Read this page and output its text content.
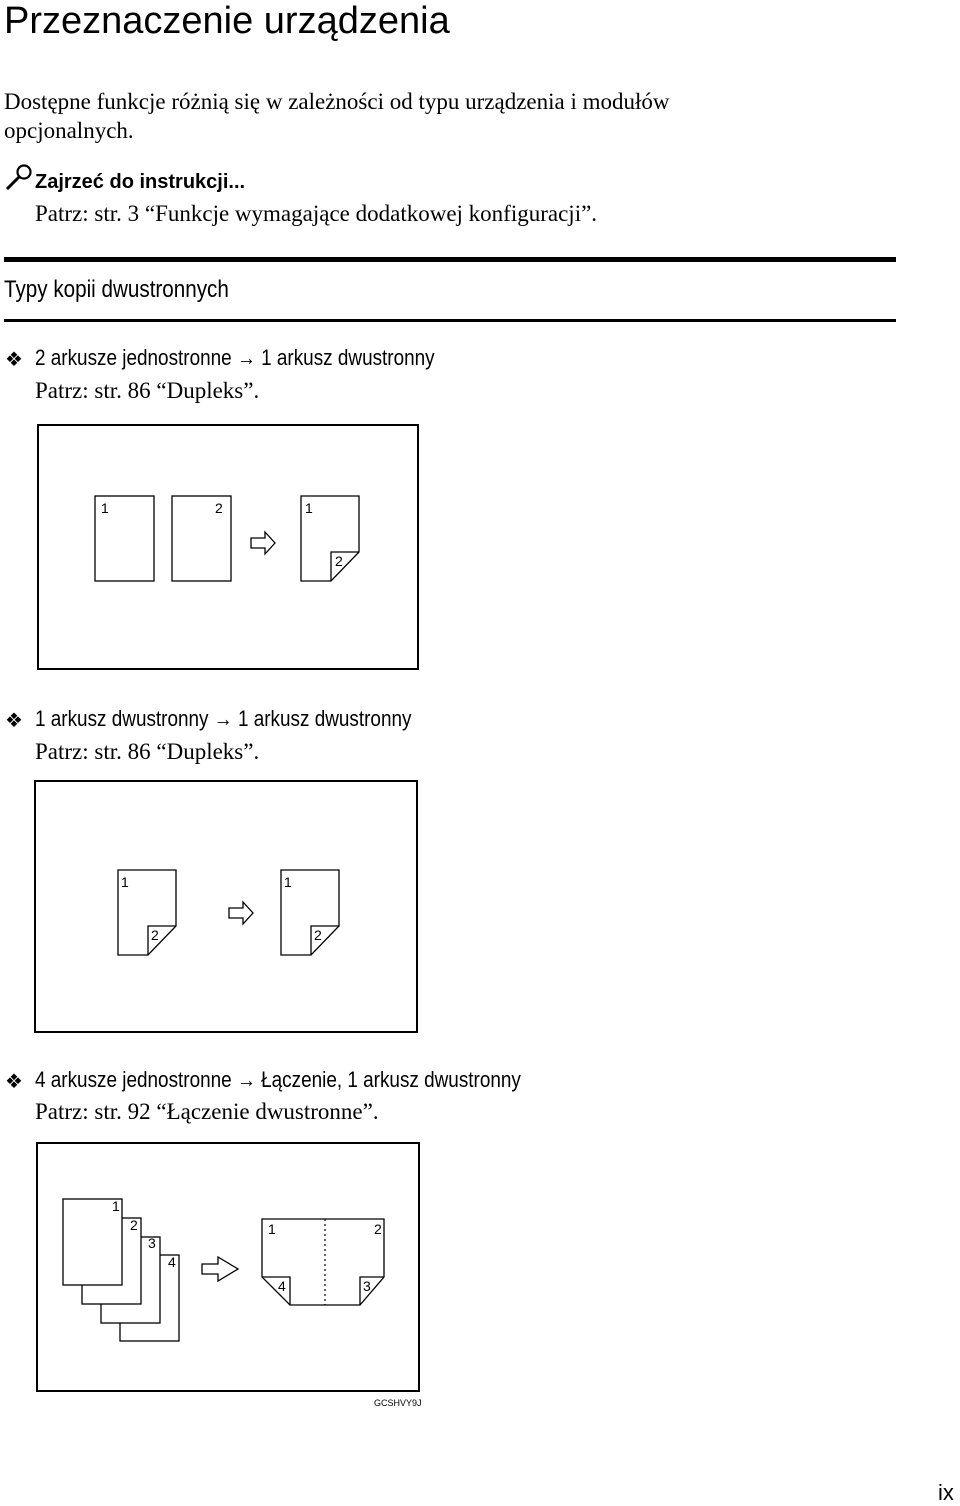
Przeznaczenie urządzenia
Dostępne funkcje różnią się w zależności od typu urządzenia i modułów
opcjonalnych.
Zajrzeć do instrukcji...
Patrz: str. 3 “Funkcje wymagające dodatkowej konfiguracji”.
Typy kopii dwustronnych
❖ 2 arkusze jednostronne → 1 arkusz dwustronny
Patrz: str. 86 “Dupleks”.
1	2	1
2
❖ 1 arkusz dwustronny → 1 arkusz dwustronny
Patrz: str. 86 “Dupleks”.
1
2
1
2
❖ 4 arkusze jednostronne → Łączenie, 1 arkusz dwustronny
Patrz: str. 92 “Łączenie dwustronne”.
1
2
3
4
1	2
4	3
GCSHVY9J
ix
